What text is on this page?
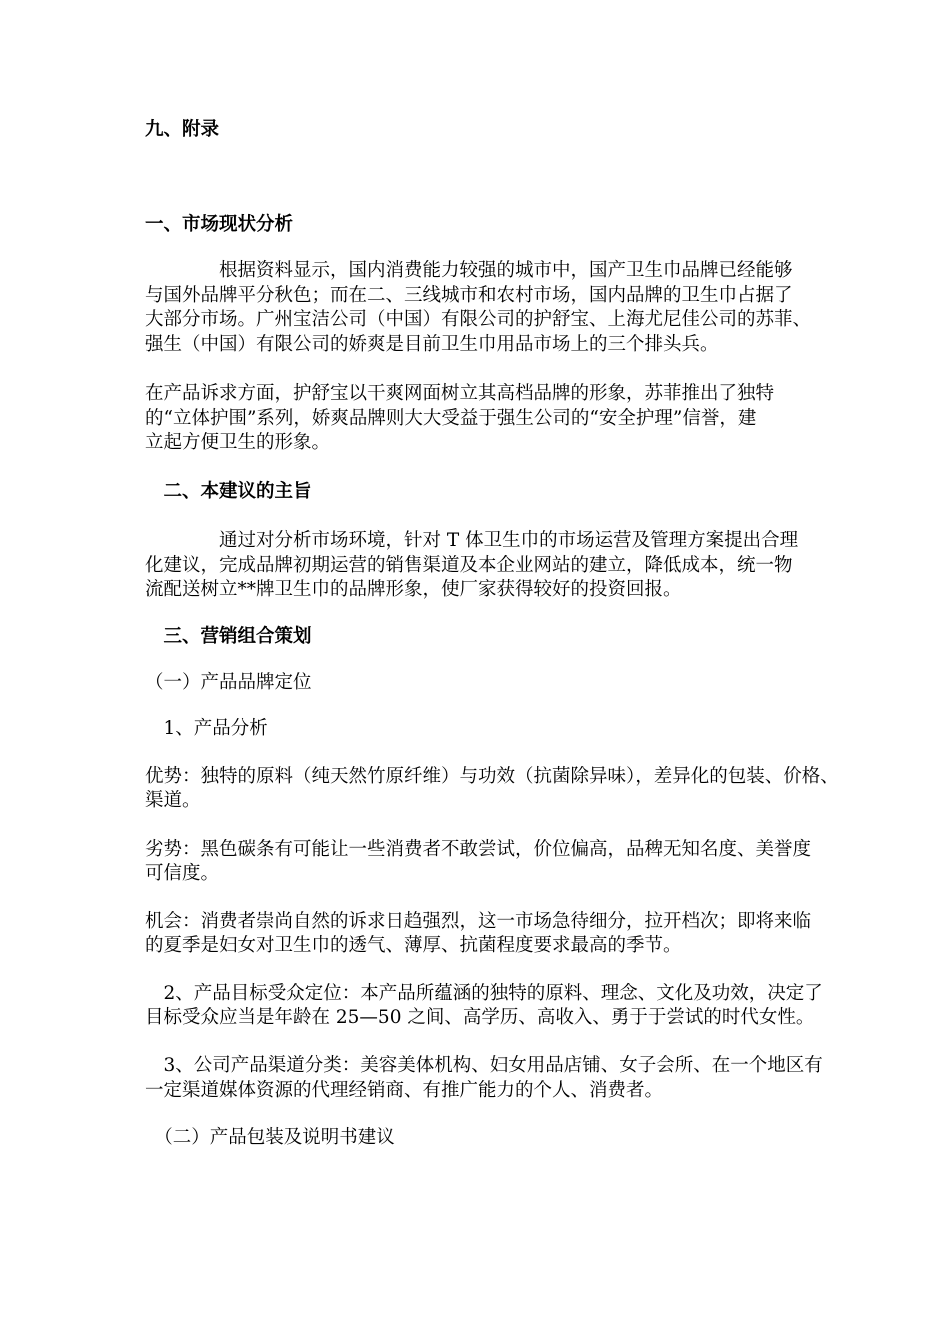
九、附录
一、市场现状分析
　　　　根据资料显示，国内消费能力较强的城市中，国产卫生巾品牌已经能够
与国外品牌平分秋色；而在二、三线城市和农村市场，国内品牌的卫生巾占据了
大部分市场。广州宝洁公司（中国）有限公司的护舒宝、上海尤尼佳公司的苏菲、
强生（中国）有限公司的娇爽是目前卫生巾用品市场上的三个排头兵。
在产品诉求方面，护舒宝以干爽网面树立其高档品牌的形象，苏菲推出了独特
的“立体护围”系列，娇爽品牌则大大受益于强生公司的“安全护理”信誉，建
立起方便卫生的形象。
　二、本建议的主旨
　　　　通过对分析市场环境，针对 T 体卫生巾的市场运营及管理方案提出合理
化建议，完成品牌初期运营的销售渠道及本企业网站的建立，降低成本，统一物
流配送树立**牌卫生巾的品牌形象，使厂家获得较好的投资回报。
　三、营销组合策划
（一）产品品牌定位
　1、产品分析
优势：独特的原料（纯天然竹原纤维）与功效（抗菌除异味），差异化的包装、价格、
渠道。
劣势：黑色碳条有可能让一些消费者不敢尝试，价位偏高，品稗无知名度、美誉度
可信度。
机会：消费者崇尚自然的诉求日趋强烈，这一市场急待细分，拉开档次；即将来临
的夏季是妇女对卫生巾的透气、薄厚、抗菌程度要求最高的季节。
　2、产品目标受众定位：本产品所蕴涵的独特的原料、理念、文化及功效，决定了
目标受众应当是年龄在 25—50 之间、高学历、高收入、勇于于尝试的时代女性。
　3、公司产品渠道分类：美容美体机构、妇女用品店铺、女子会所、在一个地区有
一定渠道媒体资源的代理经销商、有推广能力的个人、消费者。
　（二）产品包装及说明书建议
